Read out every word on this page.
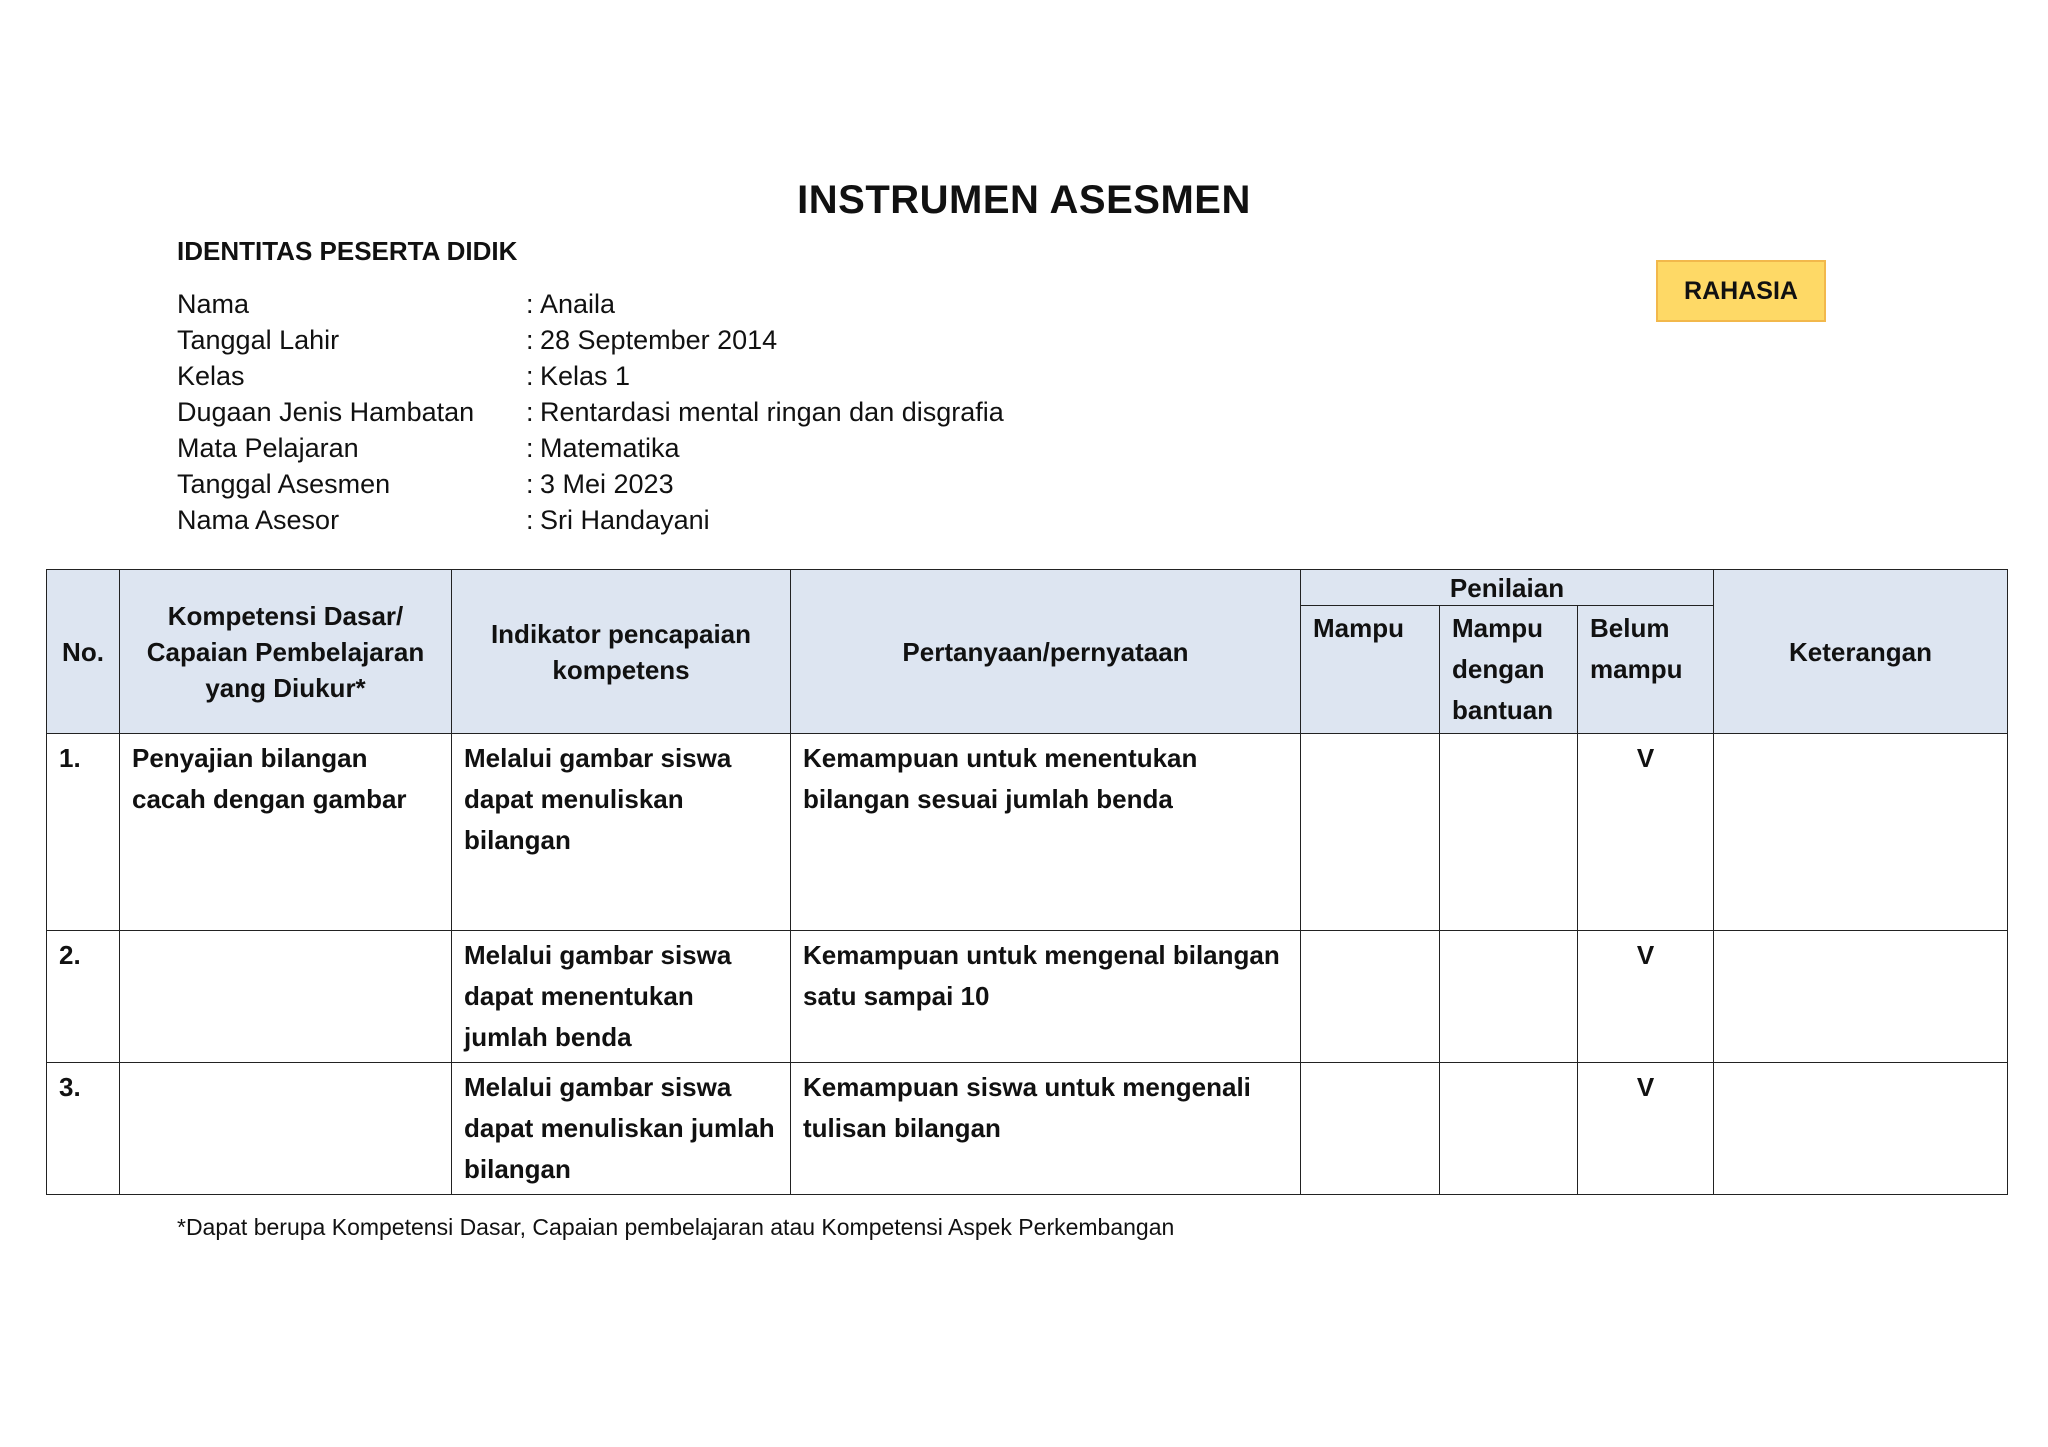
INSTRUMEN ASESMEN
IDENTITAS PESERTA DIDIK
RAHASIA
Nama	: Anaila
Tanggal Lahir	: 28 September 2014
Kelas	: Kelas 1
Dugaan Jenis Hambatan	: Rentardasi mental ringan dan disgrafia
Mata Pelajaran	: Matematika
Tanggal Asesmen	: 3 Mei 2023
Nama Asesor	: Sri Handayani
No.	Kompetensi Dasar/ Capaian Pembelajaran yang Diukur*	Indikator pencapaian kompetens	Pertanyaan/pernyataan	Penilaian			Keterangan
				Mampu	Mampu dengan bantuan	Belum mampu	
1.	Penyajian bilangan cacah dengan gambar	Melalui gambar siswa dapat menuliskan bilangan	Kemampuan untuk menentukan bilangan sesuai jumlah benda			V	
2.		Melalui gambar siswa dapat menentukan jumlah benda	Kemampuan untuk mengenal bilangan satu sampai 10			V	
3.		Melalui gambar siswa dapat menuliskan jumlah bilangan	Kemampuan siswa untuk mengenali tulisan bilangan			V	
*Dapat berupa Kompetensi Dasar, Capaian pembelajaran atau Kompetensi Aspek Perkembangan
